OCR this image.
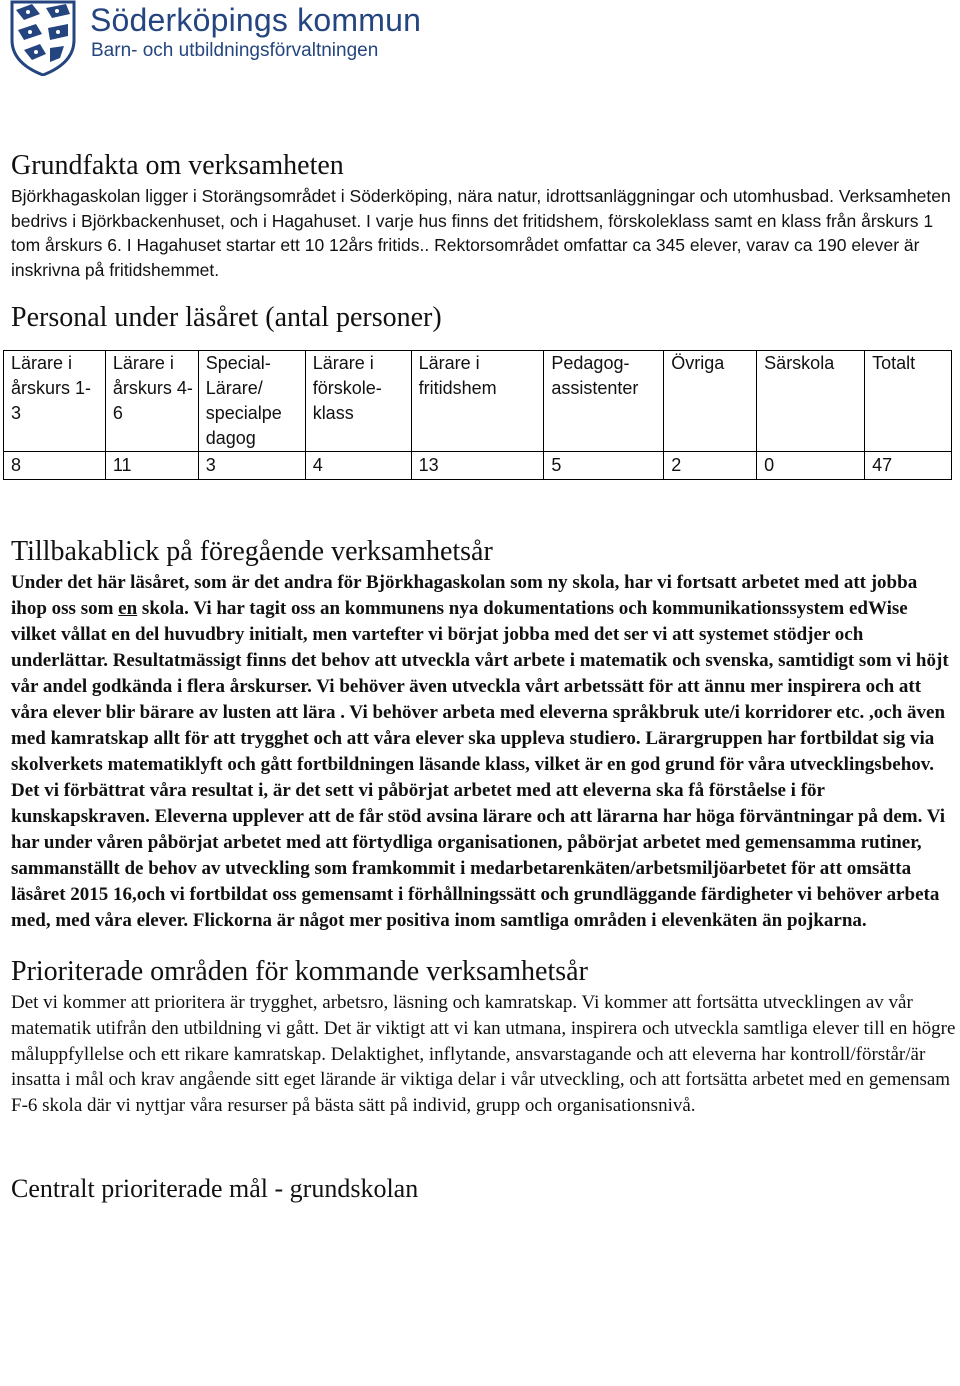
Söderköpings kommun
Barn- och utbildningsförvaltningen
Grundfakta om verksamheten

Björkhagaskolan ligger i Storängsområdet i Söderköping, nära natur, idrottsanläggningar och utomhusbad. Verksamheten bedrivs i Björkbackenhuset, och i Hagahuset. I varje hus finns det fritidshem, förskoleklass samt en klass från årskurs 1 tom årskurs 6. I Hagahuset startar ett 10 12års fritids.. Rektorsområdet omfattar ca 345 elever, varav ca 190 elever är inskrivna på fritidshemmet.

Personal under läsåret (antal personer)
Lärare i årskurs 1-3	Lärare i årskurs 4-6	Special- Lärare/ specialpe dagog	Lärare i förskole- klass	Lärare i fritidshem	Pedagog- assistenter	Övriga	Särskola	Totalt
8	11	3	4	13	5	2	0	47
Tillbakablick på föregående verksamhetsår

Under det här läsåret, som är det andra för Björkhagaskolan som ny skola, har vi fortsatt arbetet med att jobba ihop oss som en skola. Vi har tagit oss an kommunens nya dokumentations och kommunikationssystem edWise vilket vållat en del huvudbry initialt, men vartefter vi börjat jobba med det ser vi att systemet stödjer och underlättar. Resultatmässigt finns det behov att utveckla vårt arbete i matematik och svenska, samtidigt som vi höjt vår andel godkända i flera årskurser. Vi behöver även utveckla vårt arbetssätt för att ännu mer inspirera och att våra elever blir bärare av lusten att lära . Vi behöver arbeta med eleverna språkbruk ute/i korridorer etc. ,och även med kamratskap allt för att trygghet och att våra elever ska uppleva studiero. Lärargruppen har fortbildat sig via skolverkets matematiklyft och gått fortbildningen läsande klass, vilket är en god grund för våra utvecklingsbehov. Det vi förbättrat våra resultat i, är det sett vi påbörjat arbetet med att eleverna ska få förståelse i för kunskapskraven. Eleverna upplever att de får stöd avsina lärare och att lärarna har höga förväntningar på dem. Vi har under våren påbörjat arbetet med att förtydliga organisationen, påbörjat arbetet med gemensamma rutiner, sammanställt de behov av utveckling som framkommit i medarbetarenkäten/arbetsmiljöarbetet för att omsätta läsåret 2015 16,och vi fortbildat oss gemensamt i förhållningssätt och grundläggande färdigheter vi behöver arbeta med, med våra elever. Flickorna är något mer positiva inom samtliga områden i elevenkäten än pojkarna.

Prioriterade områden för kommande verksamhetsår

Det vi kommer att prioritera är trygghet, arbetsro, läsning och kamratskap. Vi kommer att fortsätta utvecklingen av vår matematik utifrån den utbildning vi gått. Det är viktigt att vi kan utmana, inspirera och utveckla samtliga elever till en högre måluppfyllelse och ett rikare kamratskap. Delaktighet, inflytande, ansvarstagande och att eleverna har kontroll/förstår/är insatta i mål och krav angående sitt eget lärande är viktiga delar i vår utveckling, och att fortsätta arbetet med en gemensam F-6 skola där vi nyttjar våra resurser på bästa sätt på individ, grupp och organisationsnivå.

Centralt prioriterade mål - grundskolan
